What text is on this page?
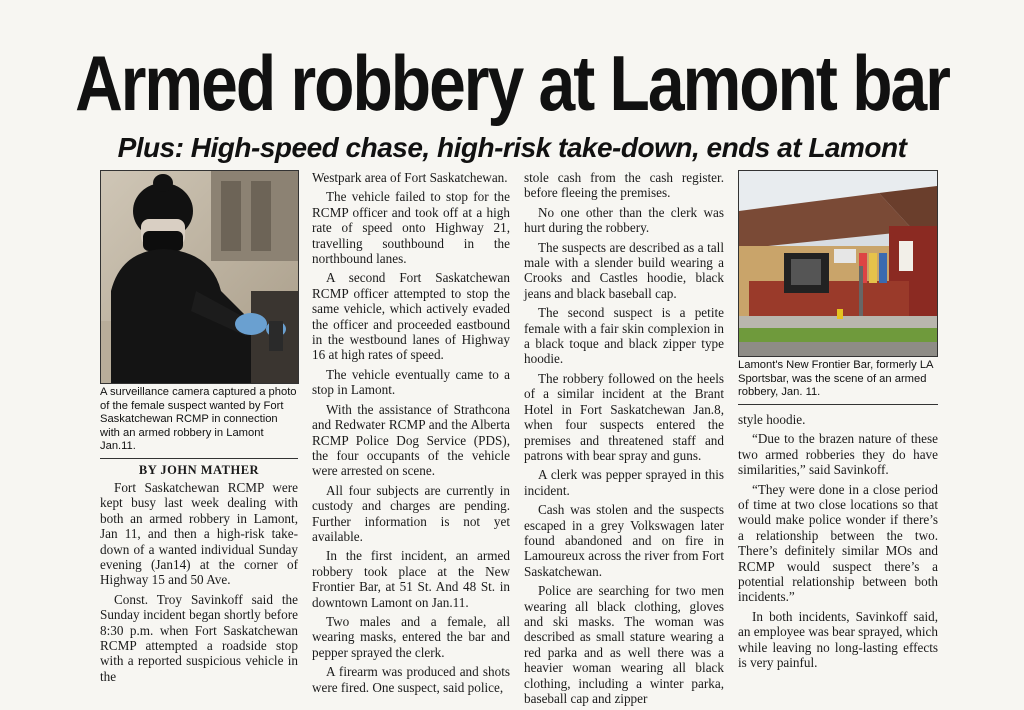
Armed robbery at Lamont bar
Plus: High-speed chase, high-risk take-down, ends at Lamont
A surveillance camera captured a photo of the female suspect wanted by Fort Saskatchewan RCMP in connection with an armed robbery in Lamont Jan.11.
BY JOHN MATHER

Fort Saskatchewan RCMP were kept busy last week dealing with both an armed robbery in Lamont, Jan 11, and then a high-risk take-down of a wanted individual Sunday evening (Jan14) at the corner of Highway 15 and 50 Ave.

Const. Troy Savinkoff said the Sunday incident began shortly before 8:30 p.m. when Fort Saskatchewan RCMP attempted a roadside stop with a reported suspicious vehicle in the

Westpark area of Fort Saskatchewan.

The vehicle failed to stop for the RCMP officer and took off at a high rate of speed onto Highway 21, travelling southbound in the northbound lanes.

A second Fort Saskatchewan RCMP officer attempted to stop the same vehicle, which actively evaded the officer and proceeded eastbound in the westbound lanes of Highway 16 at high rates of speed.

The vehicle eventually came to a stop in Lamont.

With the assistance of Strathcona and Redwater RCMP and the Alberta RCMP Police Dog Service (PDS), the four occupants of the vehicle were arrested on scene.

All four subjects are currently in custody and charges are pending. Further information is not yet available.

In the first incident, an armed robbery took place at the New Frontier Bar, at 51 St. And 48 St. in downtown Lamont on Jan.11.

Two males and a female, all wearing masks, entered the bar and pepper sprayed the clerk.

A firearm was produced and shots were fired. One suspect, said police,

stole cash from the cash register. before fleeing the premises.

No one other than the clerk was hurt during the robbery.

The suspects are described as a tall male with a slender build wearing a Crooks and Castles hoodie, black jeans and black baseball cap.

The second suspect is a petite female with a fair skin complexion in a black toque and black zipper type hoodie.

The robbery followed on the heels of a similar incident at the Brant Hotel in Fort Saskatchewan Jan.8, when four suspects entered the premises and threatened staff and patrons with bear spray and guns.

A clerk was pepper sprayed in this incident.

Cash was stolen and the suspects escaped in a grey Volkswagen later found abandoned and on fire in Lamoureux across the river from Fort Saskatchewan.

Police are searching for two men wearing all black clothing, gloves and ski masks. The woman was described as small stature wearing a red parka and as well there was a heavier woman wearing all black clothing, including a winter parka, baseball cap and zipper

Lamont's New Frontier Bar, formerly LA Sportsbar, was the scene of an armed robbery, Jan. 11.

style hoodie.

“Due to the brazen nature of these two armed robberies they do have similarities,” said Savinkoff.

“They were done in a close period of time at two close locations so that would make police wonder if there’s a relationship between the two. There’s definitely similar MOs and RCMP would suspect there’s a potential relationship between both incidents.”

In both incidents, Savinkoff said, an employee was bear sprayed, which while leaving no long-lasting effects is very painful.
